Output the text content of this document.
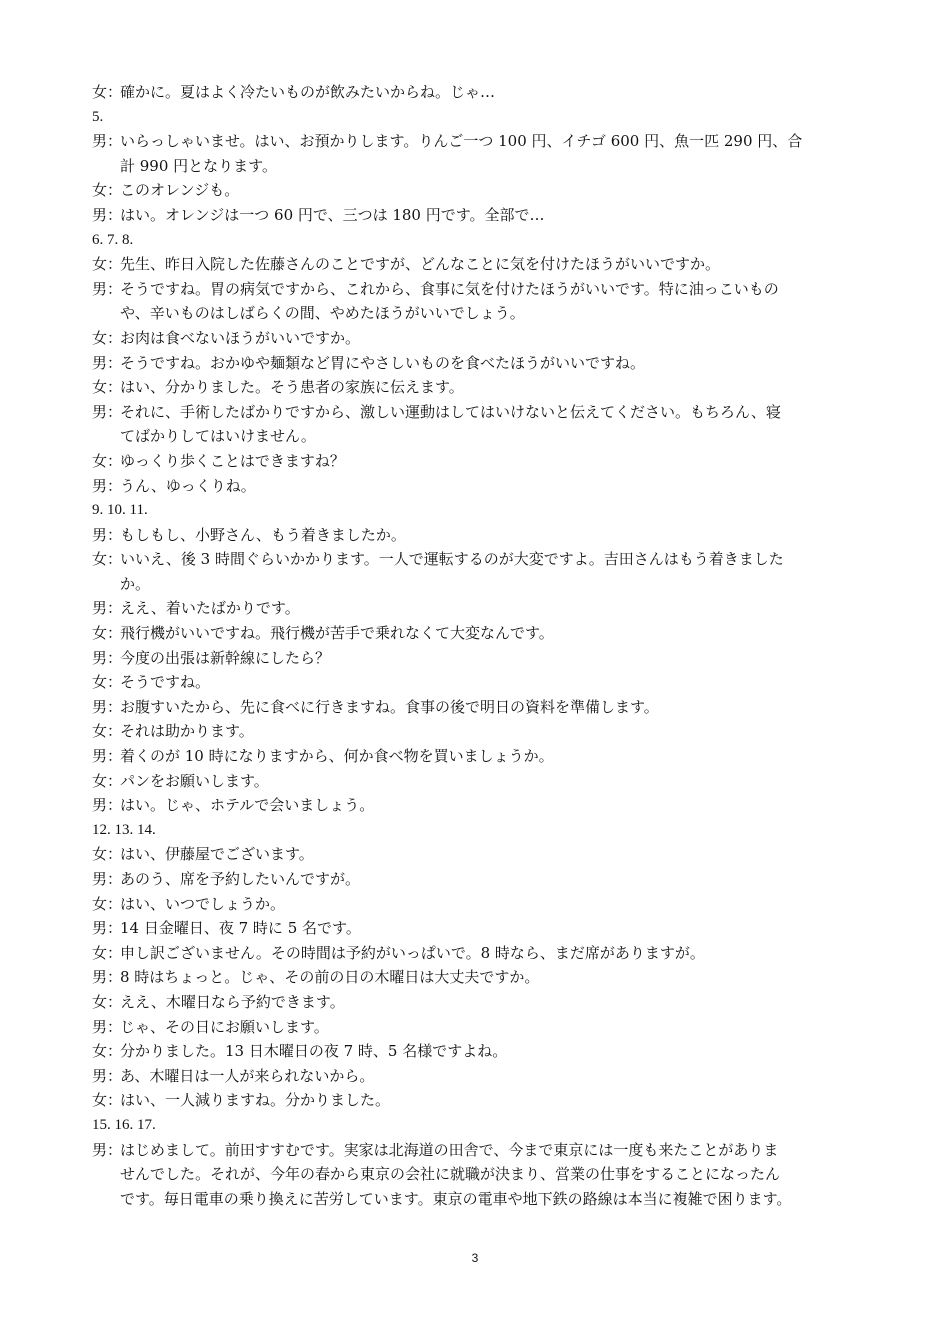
女：確かに。夏はよく冷たいものが飲みたいからね。じゃ…
5.
男：いらっしゃいませ。はい、お預かりします。りんご一つ 100 円、イチゴ 600 円、魚一匹 290 円、合
計 990 円となります。
女：このオレンジも。
男：はい。オレンジは一つ 60 円で、三つは 180 円です。全部で…
6. 7. 8.
女：先生、昨日入院した佐藤さんのことですが、どんなことに気を付けたほうがいいですか。
男：そうですね。胃の病気ですから、これから、食事に気を付けたほうがいいです。特に油っこいもの
や、辛いものはしばらくの間、やめたほうがいいでしょう。
女：お肉は食べないほうがいいですか。
男：そうですね。おかゆや麺類など胃にやさしいものを食べたほうがいいですね。
女：はい、分かりました。そう患者の家族に伝えます。
男：それに、手術したばかりですから、激しい運動はしてはいけないと伝えてください。もちろん、寝
てばかりしてはいけません。
女：ゆっくり歩くことはできますね？
男：うん、ゆっくりね。
9. 10. 11.
男：もしもし、小野さん、もう着きましたか。
女：いいえ、後 3 時間ぐらいかかります。一人で運転するのが大変ですよ。吉田さんはもう着きました
か。
男：ええ、着いたばかりです。
女：飛行機がいいですね。飛行機が苦手で乗れなくて大変なんです。
男：今度の出張は新幹線にしたら？
女：そうですね。
男：お腹すいたから、先に食べに行きますね。食事の後で明日の資料を準備します。
女：それは助かります。
男：着くのが 10 時になりますから、何か食べ物を買いましょうか。
女：パンをお願いします。
男：はい。じゃ、ホテルで会いましょう。
12. 13. 14.
女：はい、伊藤屋でございます。
男：あのう、席を予約したいんですが。
女：はい、いつでしょうか。
男：14 日金曜日、夜 7 時に 5 名です。
女：申し訳ございません。その時間は予約がいっぱいで。8 時なら、まだ席がありますが。
男：8 時はちょっと。じゃ、その前の日の木曜日は大丈夫ですか。
女：ええ、木曜日なら予約できます。
男：じゃ、その日にお願いします。
女：分かりました。13 日木曜日の夜 7 時、5 名様ですよね。
男：あ、木曜日は一人が来られないから。
女：はい、一人減りますね。分かりました。
15. 16. 17.
男：はじめまして。前田すすむです。実家は北海道の田舎で、今まで東京には一度も来たことがありま
せんでした。それが、今年の春から東京の会社に就職が決まり、営業の仕事をすることになったん
です。毎日電車の乗り換えに苦労しています。東京の電車や地下鉄の路線は本当に複雑で困ります。
3
